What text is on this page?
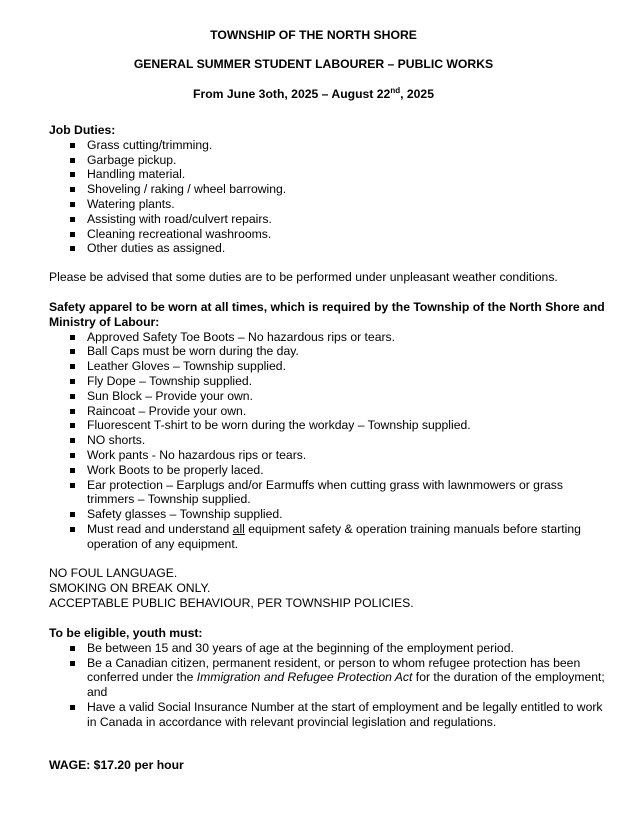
TOWNSHIP OF THE NORTH SHORE
GENERAL SUMMER STUDENT LABOURER – PUBLIC WORKS
From June 3oth, 2025 – August 22nd, 2025
Job Duties:
Grass cutting/trimming.
Garbage pickup.
Handling material.
Shoveling / raking / wheel barrowing.
Watering plants.
Assisting with road/culvert repairs.
Cleaning recreational washrooms.
Other duties as assigned.
Please be advised that some duties are to be performed under unpleasant weather conditions.
Safety apparel to be worn at all times, which is required by the Township of the North Shore and Ministry of Labour:
Approved Safety Toe Boots – No hazardous rips or tears.
Ball Caps must be worn during the day.
Leather Gloves – Township supplied.
Fly Dope – Township supplied.
Sun Block – Provide your own.
Raincoat – Provide your own.
Fluorescent T-shirt to be worn during the workday – Township supplied.
NO shorts.
Work pants - No hazardous rips or tears.
Work Boots to be properly laced.
Ear protection – Earplugs and/or Earmuffs when cutting grass with lawnmowers or grass trimmers – Township supplied.
Safety glasses – Township supplied.
Must read and understand all equipment safety & operation training manuals before starting operation of any equipment.
NO FOUL LANGUAGE.
SMOKING ON BREAK ONLY.
ACCEPTABLE PUBLIC BEHAVIOUR, PER TOWNSHIP POLICIES.
To be eligible, youth must:
Be between 15 and 30 years of age at the beginning of the employment period.
Be a Canadian citizen, permanent resident, or person to whom refugee protection has been conferred under the Immigration and Refugee Protection Act for the duration of the employment; and
Have a valid Social Insurance Number at the start of employment and be legally entitled to work in Canada in accordance with relevant provincial legislation and regulations.
WAGE: $17.20 per hour
